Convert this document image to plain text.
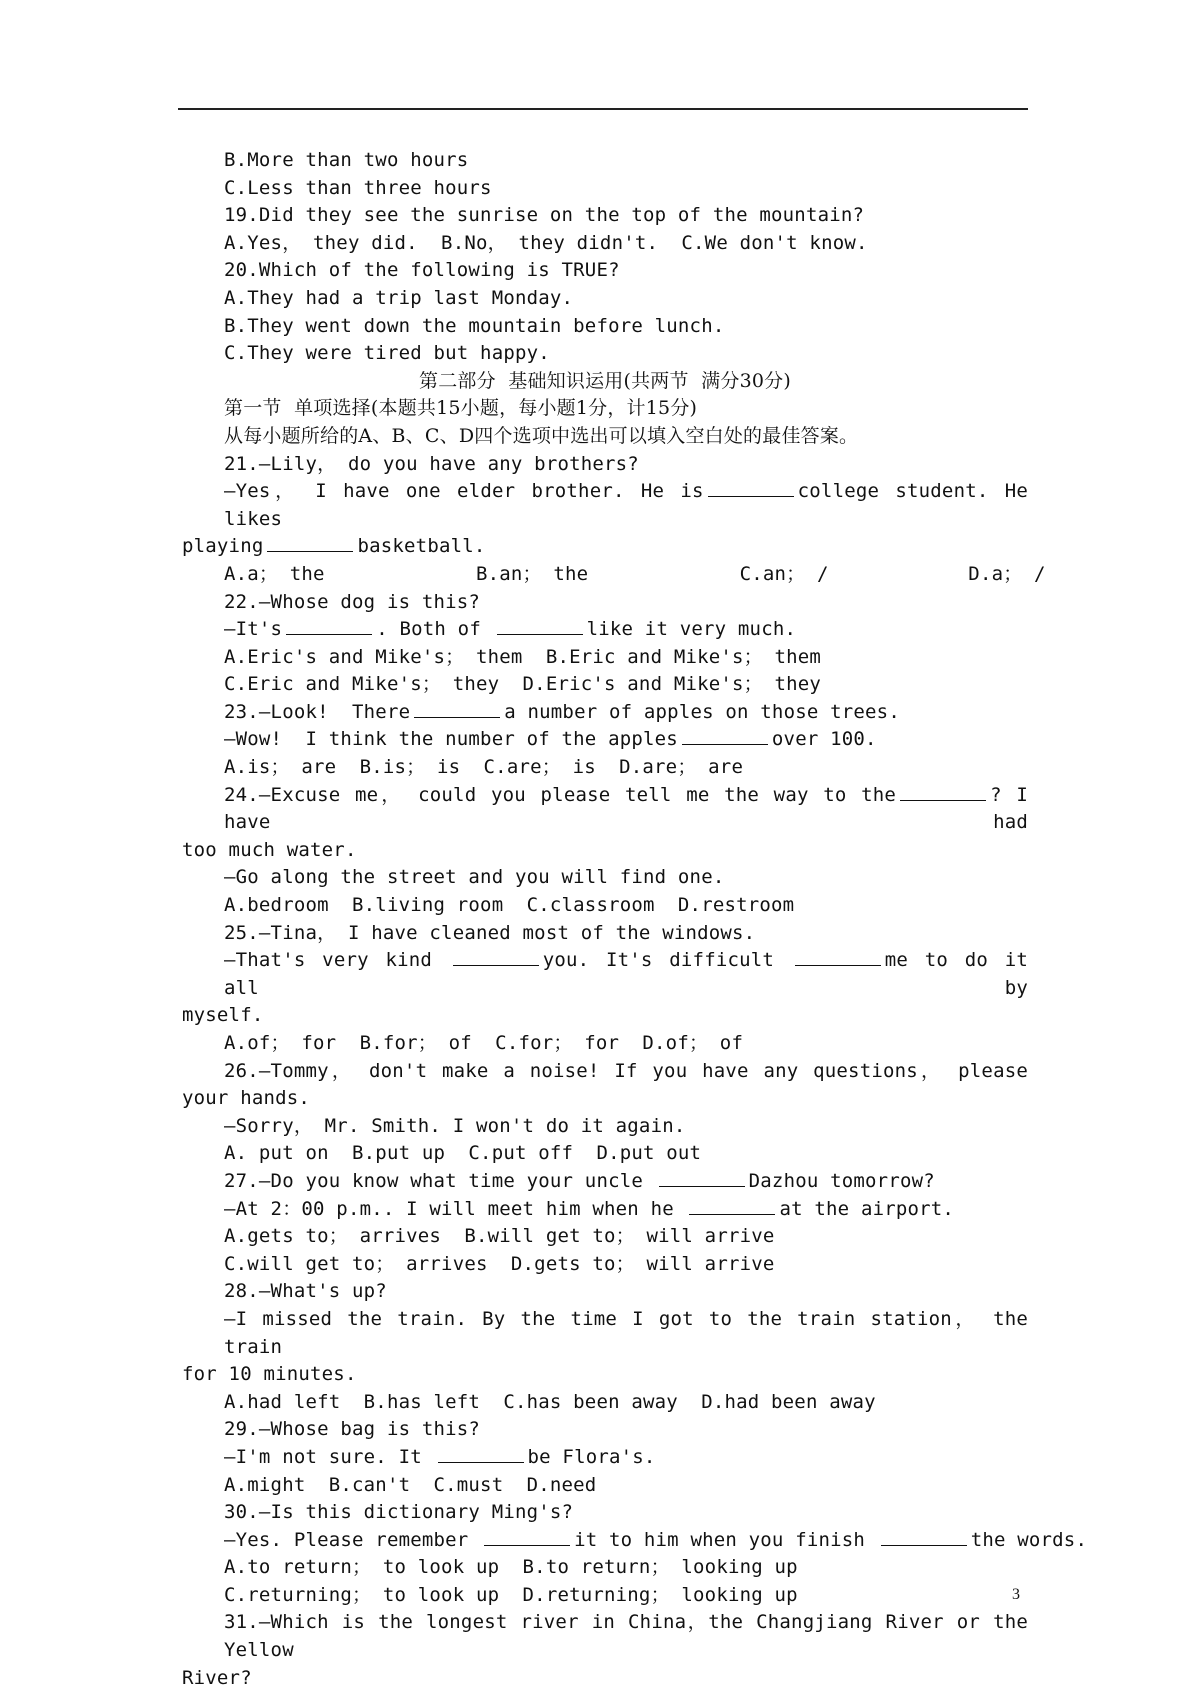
B.More than two hours
C.Less than three hours
19.Did they see the sunrise on the top of the mountain?
A.Yes， they did.  B.No， they didn't.  C.We don't know.
20.Which of the following is TRUE?
A.They had a trip last Monday.
B.They went down the mountain before lunch.
C.They were tired but happy.
第二部分  基础知识运用(共两节  满分30分)
第一节  单项选择(本题共15小题，每小题1分，计15分)
从每小题所给的A、B、C、D四个选项中选出可以填入空白处的最佳答案。
21.—Lily， do you have any brothers?
—Yes， I have one elder brother. He is	college student. He likes
playing	basketball.
A.a； the             B.an； the             C.an； /            D.a； /
22.—Whose dog is this?
—It's	. Both of	like it very much.
A.Eric's and Mike's； them  B.Eric and Mike's； them
C.Eric and Mike's； they  D.Eric's and Mike's； they
23.—Look!  There	a number of apples on those trees.
—Wow!  I think the number of the apples	over 100.
A.is； are  B.is； is  C.are； is  D.are； are
24.—Excuse me， could you please tell me the way to the	? I have had
too much water.
—Go along the street and you will find one.
A.bedroom  B.living room  C.classroom  D.restroom
25.—Tina， I have cleaned most of the windows.
—That's very kind	you. It's difficult	me to do it all by
myself.
A.of； for  B.for； of  C.for； for  D.of； of
26.—Tommy， don't make a noise! If you have any questions， please
your hands.
—Sorry， Mr. Smith. I won't do it again.
A. put on  B.put up  C.put off  D.put out
27.—Do you know what time your uncle	Dazhou tomorrow?
—At 2：00 p.m.. I will meet him when he	at the airport.
A.gets to； arrives  B.will get to； will arrive
C.will get to； arrives  D.gets to； will arrive
28.—What's up?
—I missed the train. By the time I got to the train station， the train
for 10 minutes.
A.had left  B.has left  C.has been away  D.had been away
29.—Whose bag is this?
—I'm not sure. It	be Flora's.
A.might  B.can't  C.must  D.need
30.—Is this dictionary Ming's?
—Yes. Please remember	it to him when you finish	the words.
A.to return； to look up  B.to return； looking up
C.returning； to look up  D.returning； looking up
31.—Which is the longest river in China，the Changjiang River or the Yellow
River?
3
